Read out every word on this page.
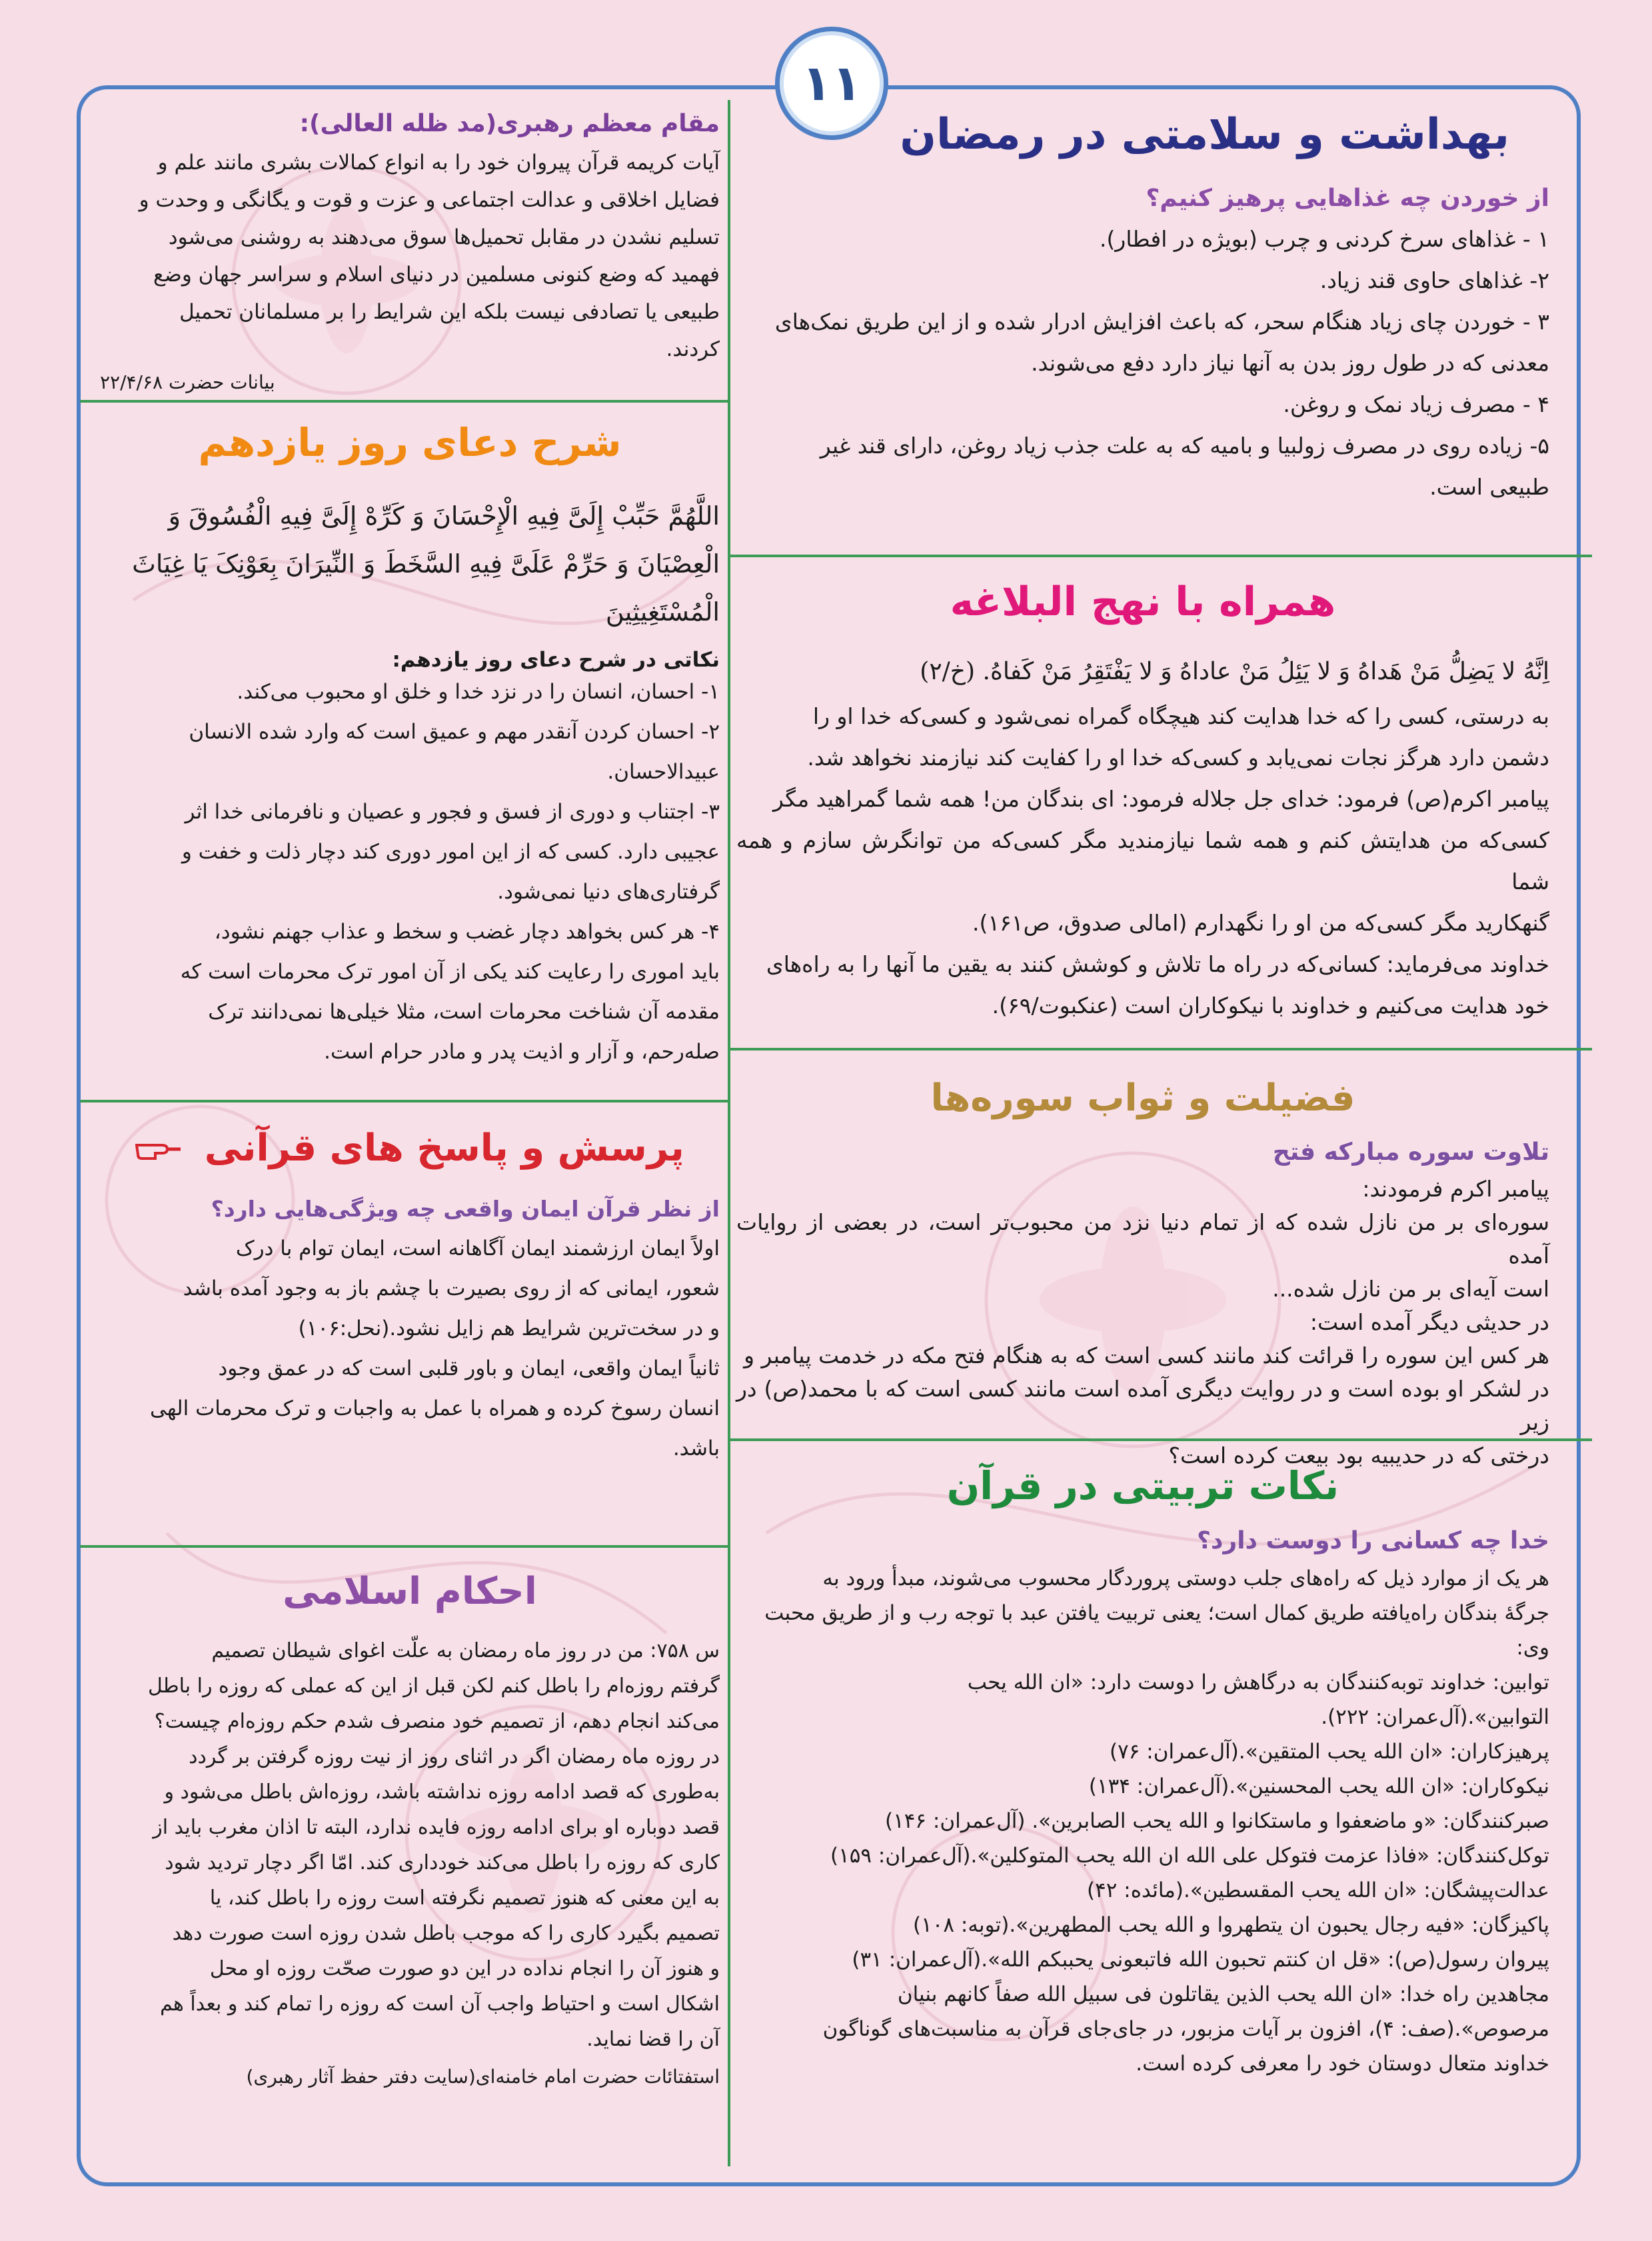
۱۱
بهداشت و سلامتی در رمضان
از خوردن چه غذاهایی پرهیز کنیم؟
۱ - غذاهای سرخ کردنی و چرب (بویژه در افطار).
۲- غذاهای حاوی قند زیاد.
۳ - خوردن چای زیاد هنگام سحر، که باعث افزایش ادرار شده و از این طریق نمک‌های
معدنی که در طول روز بدن به آنها نیاز دارد دفع می‌شوند.
۴ - مصرف زیاد نمک و روغن.
۵- زیاده روی در مصرف زولبیا و بامیه که به علت جذب زیاد روغن، دارای قند غیر
طبیعی است.
همراه با نهج البلاغه
اِنَّهُ لا یَضِلُّ مَنْ هَداهُ وَ لا یَئِلُ مَنْ عاداهُ وَ لا یَفْتَقِرُ مَنْ کَفاهُ. (خ/۲)
به درستی، کسی را که خدا هدایت کند هیچگاه گمراه نمی‌شود و کسی‌که خدا او را
دشمن دارد هرگز نجات نمی‌یابد و کسی‌که خدا او را کفایت کند نیازمند نخواهد شد.
پیامبر اکرم(ص) فرمود: خدای جل جلاله فرمود: ای بندگان من! همه شما گمراهید مگر
کسی‌که من هدایتش کنم و همه شما نیازمندید مگر کسی‌که من توانگرش سازم و همه شما
گنهکارید مگر کسی‌که من او را نگهدارم (امالی صدوق، ص۱۶۱).
خداوند می‌فرماید: کسانی‌که در راه ما تلاش و کوشش کنند به یقین ما آنها را به راه‌های
خود هدایت می‌کنیم و خداوند با نیکوکاران است (عنکبوت/۶۹).
فضیلت و ثواب سوره‌ها
تلاوت سوره مبارکه فتح
پیامبر اکرم فرمودند:
سوره‌ای بر من نازل شده که از تمام دنیا نزد من محبوب‌تر است، در بعضی از روایات آمده
است آیه‌ای بر من نازل شده...
در حدیثی دیگر آمده است:
هر کس این سوره را قرائت کند مانند کسی است که به هنگام فتح مکه در خدمت پیامبر و
در لشکر او بوده است و در روایت دیگری آمده است مانند کسی است که با محمد(ص) در زیر
درختی که در حدیبیه بود بیعت کرده است؟
نکات تربیتی در قرآن
خدا چه کسانی را دوست دارد؟
هر یک از موارد ذیل که راه‌های جلب دوستی پروردگار محسوب می‌شوند، مبدأ ورود به
جرگهٔ بندگان راه‌یافته طریق کمال است؛ یعنی تربیت یافتن عبد با توجه رب و از طریق محبت
وی:
توابین: خداوند توبه‌کنندگان به درگاهش را دوست دارد: «ان الله یحب
التوابین».(آل‌عمران: ۲۲۲).
پرهیزکاران: «ان الله یحب المتقین».(آل‌عمران: ۷۶)
نیکوکاران: «ان الله یحب المحسنین».(آل‌عمران: ۱۳۴)
صبرکنندگان: «و ماضعفوا و ماستکانوا و الله یحب الصابرین». (آل‌عمران: ۱۴۶)
توکل‌کنندگان: «فاذا عزمت فتوکل علی الله ان الله یحب المتوکلین».(آل‌عمران: ۱۵۹)
عدالت‌پیشگان: «ان الله یحب المقسطین».(مائده: ۴۲)
پاکیزگان: «فیه رجال یحبون ان یتطهروا و الله یحب المطهرین».(توبه: ۱۰۸)
پیروان رسول(ص): «قل ان کنتم تحبون الله فاتبعونی یحببکم الله».(آل‌عمران: ۳۱)
مجاهدین راه خدا: «ان الله یحب الذین یقاتلون فی سبیل الله صفاً کانهم بنیان
مرصوص».(صف: ۴)، افزون بر آیات مزبور، در جای‌جای قرآن به مناسبت‌های گوناگون
خداوند متعال دوستان خود را معرفی کرده است.
مقام معظم رهبری(مد ظله العالی):
آیات کریمه قرآن پیروان خود را به انواع کمالات بشری مانند علم و
فضایل اخلاقی و عدالت اجتماعی و عزت و قوت و یگانگی و وحدت و
تسلیم نشدن در مقابل تحمیل‌ها سوق می‌دهند به روشنی می‌شود
فهمید که وضع کنونی مسلمین در دنیای اسلام و سراسر جهان وضع
طبیعی یا تصادفی نیست بلکه این شرایط را بر مسلمانان تحمیل
کردند.
بیانات حضرت ۲۲/۴/۶۸
شرح دعای روز یازدهم
اللَّهُمَّ حَبِّبْ إِلَیَّ فِیهِ الْإِحْسَانَ وَ کَرِّهْ إِلَیَّ فِیهِ الْفُسُوقَ وَ
الْعِصْیَانَ وَ حَرِّمْ عَلَیَّ فِیهِ السَّخَطَ وَ النِّیرَانَ بِعَوْنِکَ یَا غِیَاثَ
الْمُسْتَغِیثِینَ
نکاتی در شرح دعای روز یازدهم:
۱- احسان، انسان را در نزد خدا و خلق او محبوب می‌کند.
۲- احسان کردن آنقدر مهم و عمیق است که وارد شده الانسان
عبیدالاحسان.
۳- اجتناب و دوری از فسق و فجور و عصیان و نافرمانی خدا اثر
عجیبی دارد. کسی که از این امور دوری کند دچار ذلت و خفت و
گرفتاری‌های دنیا نمی‌شود.
۴- هر کس بخواهد دچار غضب و سخط و عذاب جهنم نشود،
باید اموری را رعایت کند یکی از آن امور ترک محرمات است که
مقدمه آن شناخت محرمات است، مثلا خیلی‌ها نمی‌دانند ترک
صله‌رحم، و آزار و اذیت پدر و مادر حرام است.
پرسش و پاسخ های قرآنی
از نظر قرآن ایمان واقعی چه ویژگی‌هایی دارد؟
اولاً ایمان ارزشمند ایمان آگاهانه است، ایمان توام با درک
شعور، ایمانی که از روی بصیرت با چشم باز به وجود آمده باشد
و در سخت‌ترین شرایط هم زایل نشود.(نحل:۱۰۶)
ثانیاً ایمان واقعی، ایمان و باور قلبی است که در عمق وجود
انسان رسوخ کرده و همراه با عمل به واجبات و ترک محرمات الهی
باشد.
احکام اسلامی
س ۷۵۸: من در روز ماه رمضان به علّت اغوای شیطان تصمیم
گرفتم روزه‌ام را باطل کنم لکن قبل از این که عملی که روزه را باطل
می‌کند انجام دهم، از تصمیم خود منصرف شدم حکم روزه‌ام چیست؟
در روزه ماه رمضان اگر در اثنای روز از نیت روزه گرفتن بر گردد
به‌طوری که قصد ادامه روزه نداشته باشد، روزه‌اش باطل می‌شود و
قصد دوباره او برای ادامه روزه فایده ندارد، البته تا اذان مغرب باید از
کاری که روزه را باطل می‌کند خودداری کند. امّا اگر دچار تردید شود
به این معنی که هنوز تصمیم نگرفته است روزه را باطل کند، یا
تصمیم بگیرد کاری را که موجب باطل شدن روزه است صورت دهد
و هنوز آن را انجام نداده در این دو صورت صحّت روزه او محل
اشکال است و احتیاط واجب آن است که روزه را تمام کند و بعداً هم
آن را قضا نماید.
استفتائات حضرت امام خامنه‌ای(سایت دفتر حفظ آثار رهبری)
